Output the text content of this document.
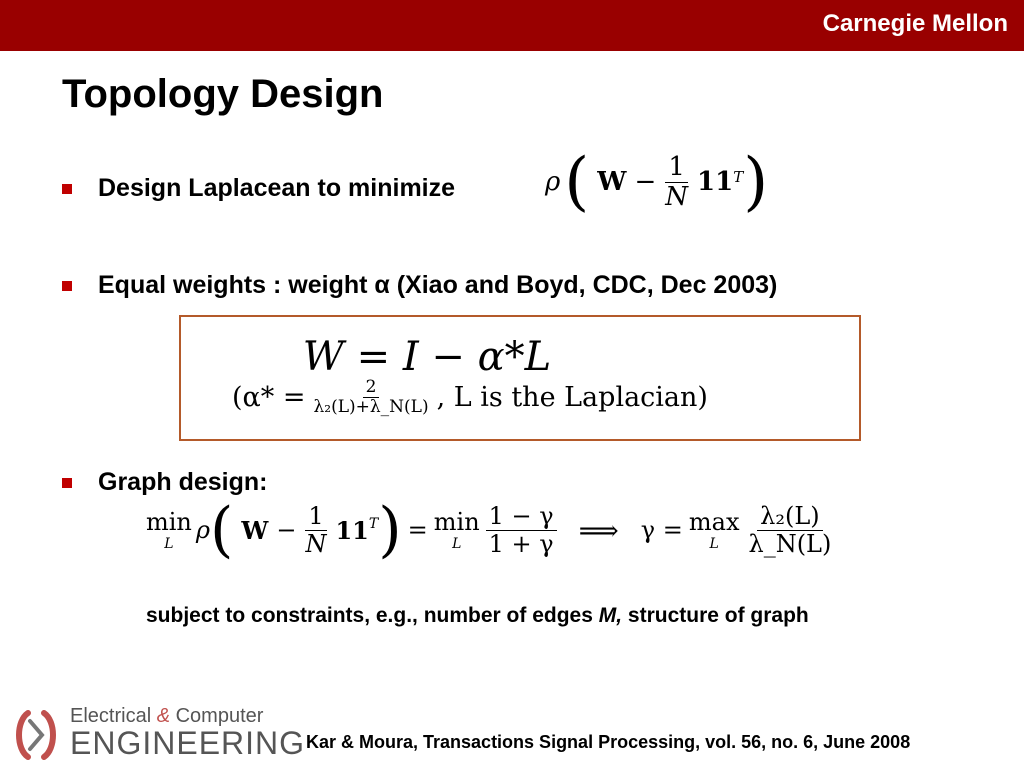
Carnegie Mellon
Topology Design
Design Laplacean to minimize	ρ ( $W - \frac{1}{N} 11$ T )
Equal weights : weight α (Xiao and Boyd, CDC, Dec 2003)
W = I − α*L
($\alpha* = \frac{2}{\text{λ₂(L)+λ\_N(L)}}$ , L is the Laplacian)
Graph design:
min
L ρ ( $W - \frac{1}{N} 11^T$ ) = min
L $\frac{1 - \gamma}{1 + \gamma}$ ⟹ γ = max
L $\frac{\text{λ₂(L)}}{\lambda\_N(L)}$
subject to constraints, e.g., number of edges M, structure of graph
Electrical & Computer
ENGINEERING Kar & Moura, Transactions Signal Processing, vol. 56, no. 6, June 2008
